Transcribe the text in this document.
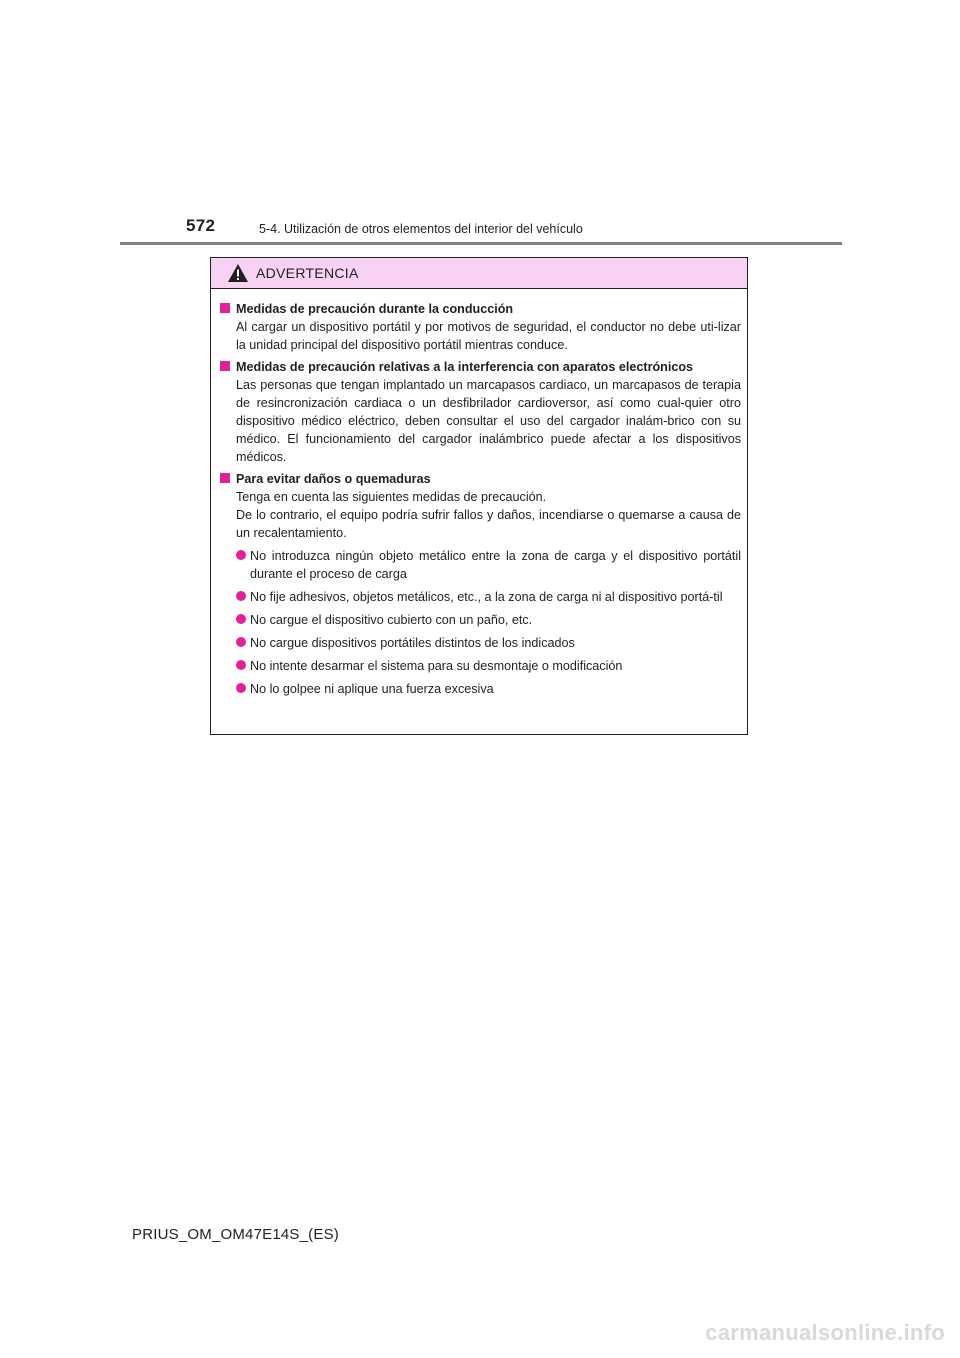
572	5-4. Utilización de otros elementos del interior del vehículo
ADVERTENCIA
Medidas de precaución durante la conducción
Al cargar un dispositivo portátil y por motivos de seguridad, el conductor no debe uti-lizar la unidad principal del dispositivo portátil mientras conduce.
Medidas de precaución relativas a la interferencia con aparatos electrónicos
Las personas que tengan implantado un marcapasos cardiaco, un marcapasos de terapia de resincronización cardiaca o un desfibrilador cardioversor, así como cual-quier otro dispositivo médico eléctrico, deben consultar el uso del cargador inalám-brico con su médico. El funcionamiento del cargador inalámbrico puede afectar a los dispositivos médicos.
Para evitar daños o quemaduras
Tenga en cuenta las siguientes medidas de precaución.
De lo contrario, el equipo podría sufrir fallos y daños, incendiarse o quemarse a causa de un recalentamiento.
No introduzca ningún objeto metálico entre la zona de carga y el dispositivo portátil durante el proceso de carga
No fije adhesivos, objetos metálicos, etc., a la zona de carga ni al dispositivo portá-til
No cargue el dispositivo cubierto con un paño, etc.
No cargue dispositivos portátiles distintos de los indicados
No intente desarmar el sistema para su desmontaje o modificación
No lo golpee ni aplique una fuerza excesiva
PRIUS_OM_OM47E14S_(ES)
carmanualsonline.info
